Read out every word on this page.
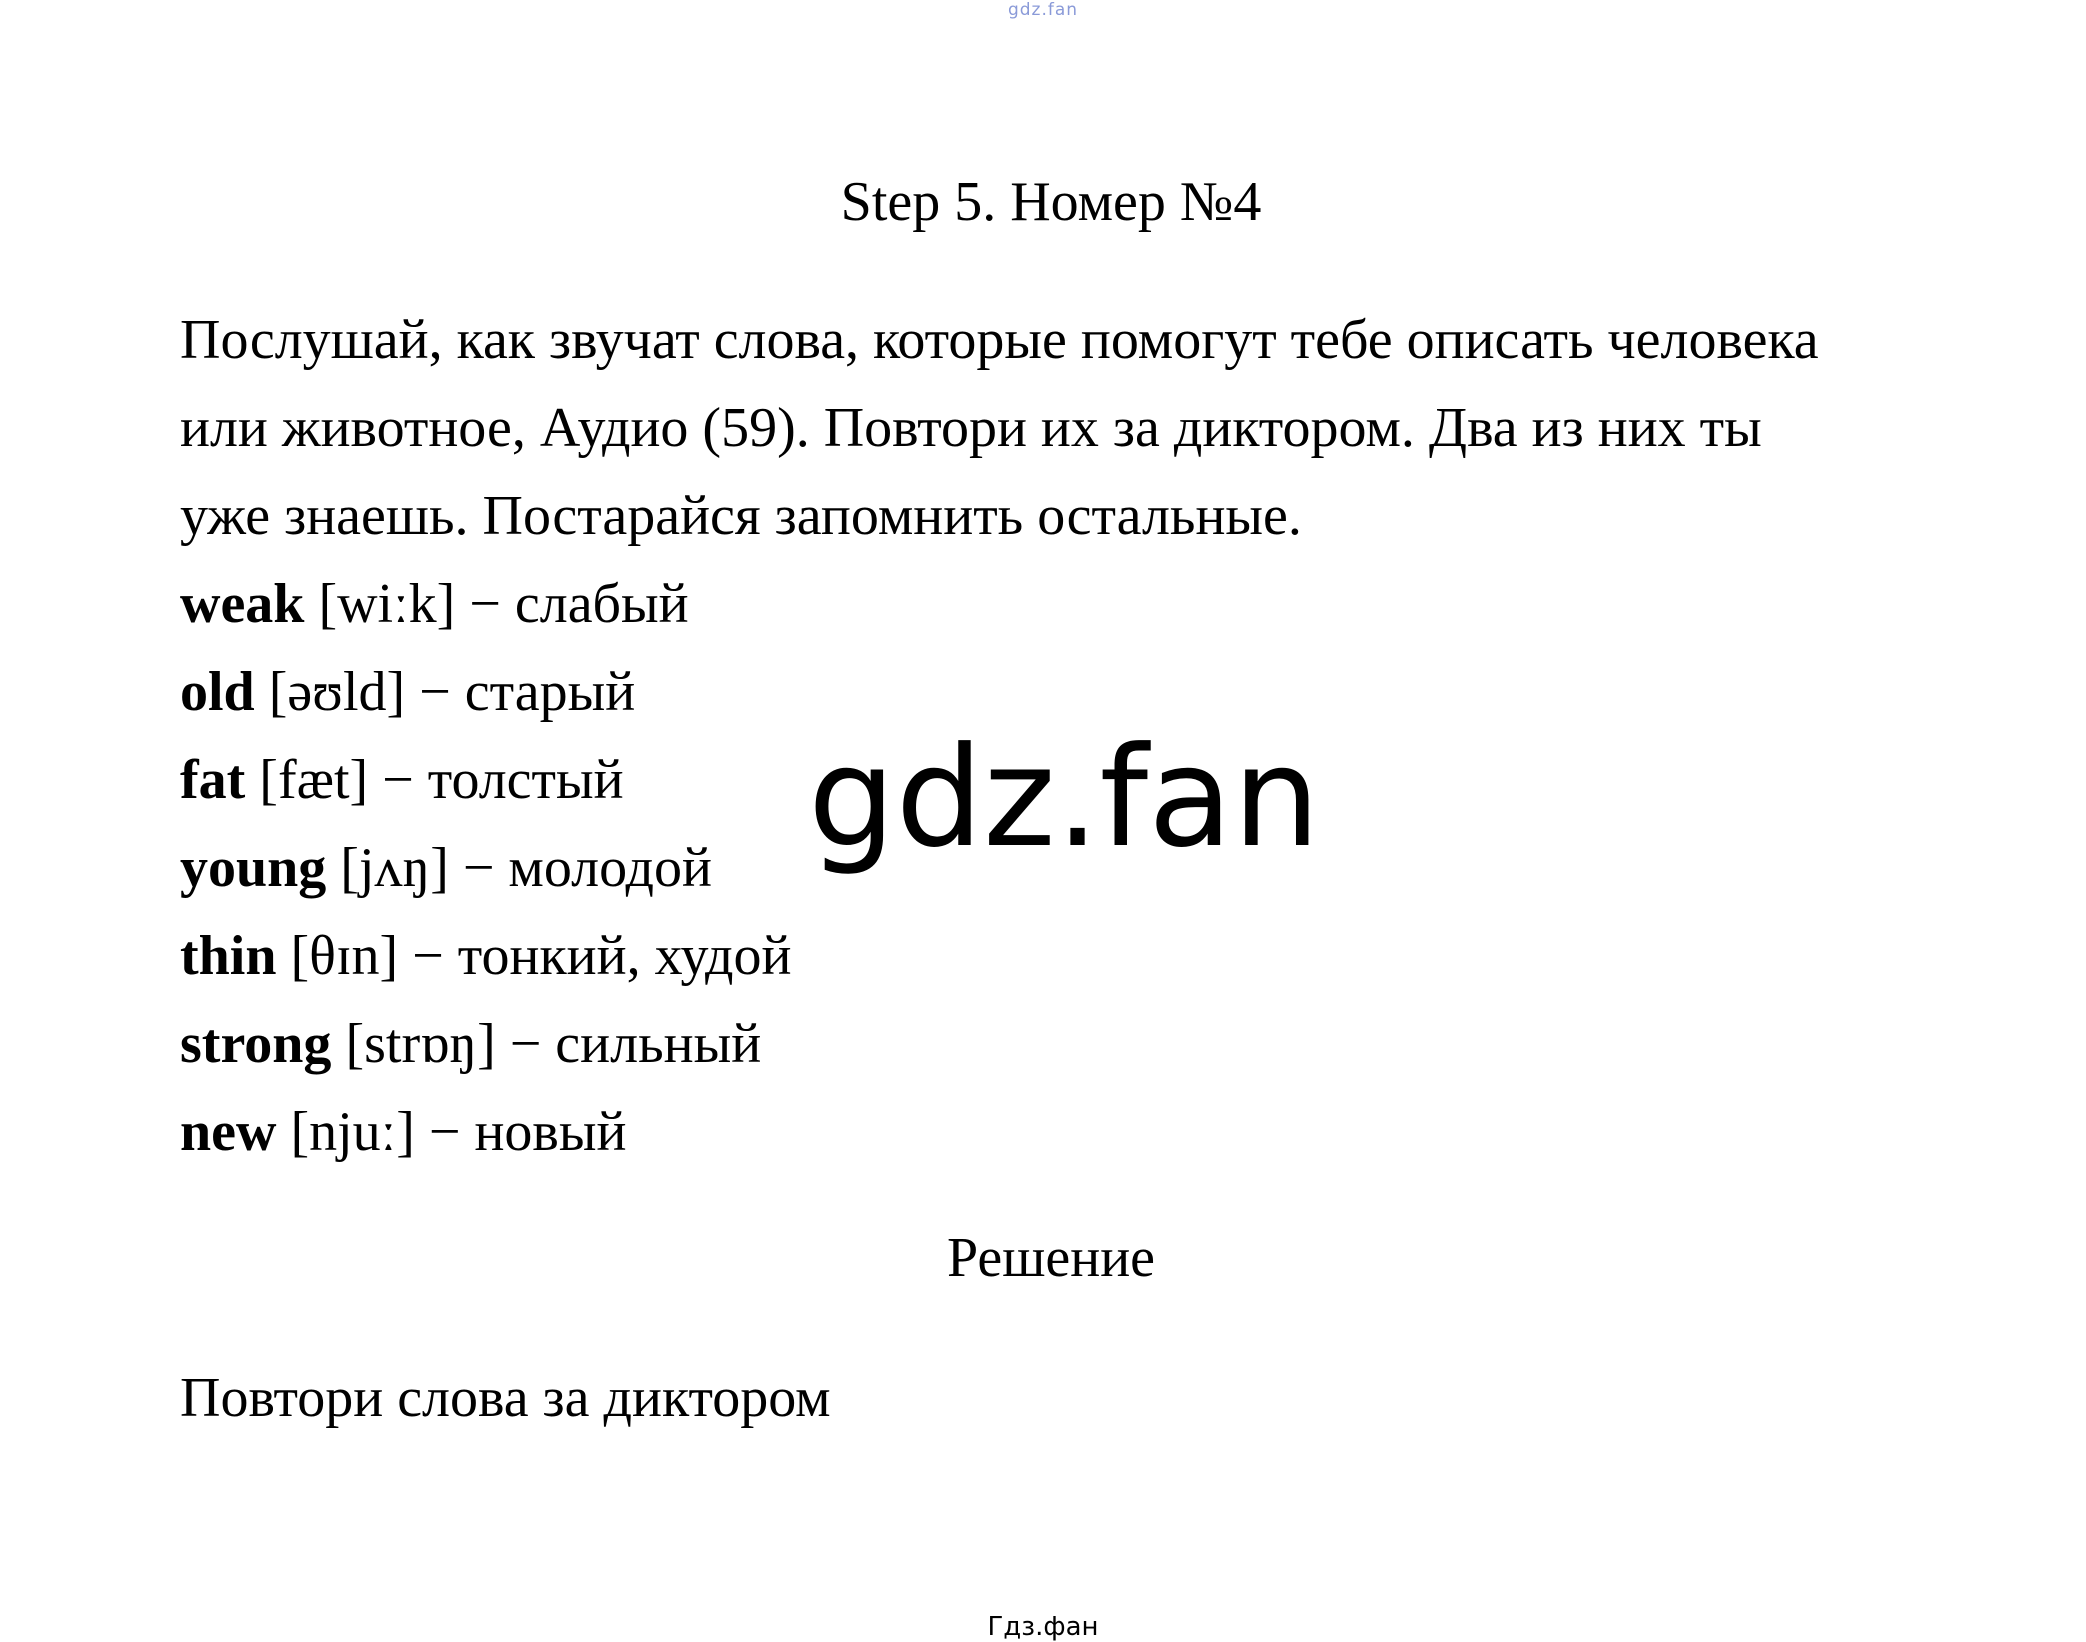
gdz.fan
Step 5. Номер №4
Послушай, как звучат слова, которые помогут тебе описать человека
или животное, Аудио (59). Повтори их за диктором. Два из них ты
уже знаешь. Постарайся запомнить остальные.
weak [wiːk] − слабый
old [əʊld] − старый
fat [fæt] − толстый
young [jʌŋ] − молодой
thin [θɪn] − тонкий, худой
strong [strɒŋ] − сильный
new [njuː] − новый
gdz.fan
Решение
Повтори слова за диктором
Гдз.фан
